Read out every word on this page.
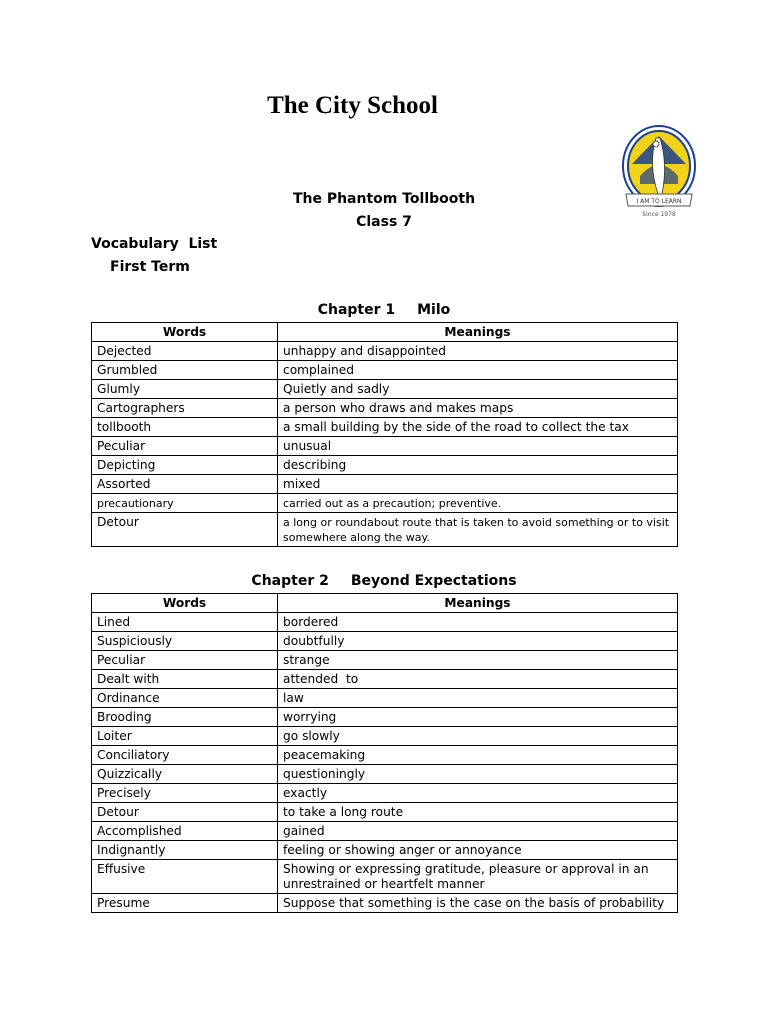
The City School
I AM TO LEARN
Since 1978
The Phantom Tollbooth
Class 7
Vocabulary  List
First Term
Chapter 1 Milo
Words	Meanings
Dejected	unhappy and disappointed
Grumbled	complained
Glumly	Quietly and sadly
Cartographers	a person who draws and makes maps
tollbooth	a small building by the side of the road to collect the tax
Peculiar	unusual
Depicting	describing
Assorted	mixed
precautionary	carried out as a precaution; preventive.
Detour	a long or roundabout route that is taken to avoid something or to visit somewhere along the way.
Chapter 2 Beyond Expectations
Words	Meanings
Lined	bordered
Suspiciously	doubtfully
Peculiar	strange
Dealt with	attended  to
Ordinance	law
Brooding	worrying
Loiter	go slowly
Conciliatory	peacemaking
Quizzically	questioningly
Precisely	exactly
Detour	to take a long route
Accomplished	gained
Indignantly	feeling or showing anger or annoyance
Effusive	Showing or expressing gratitude, pleasure or approval in an unrestrained or heartfelt manner
Presume	Suppose that something is the case on the basis of probability
